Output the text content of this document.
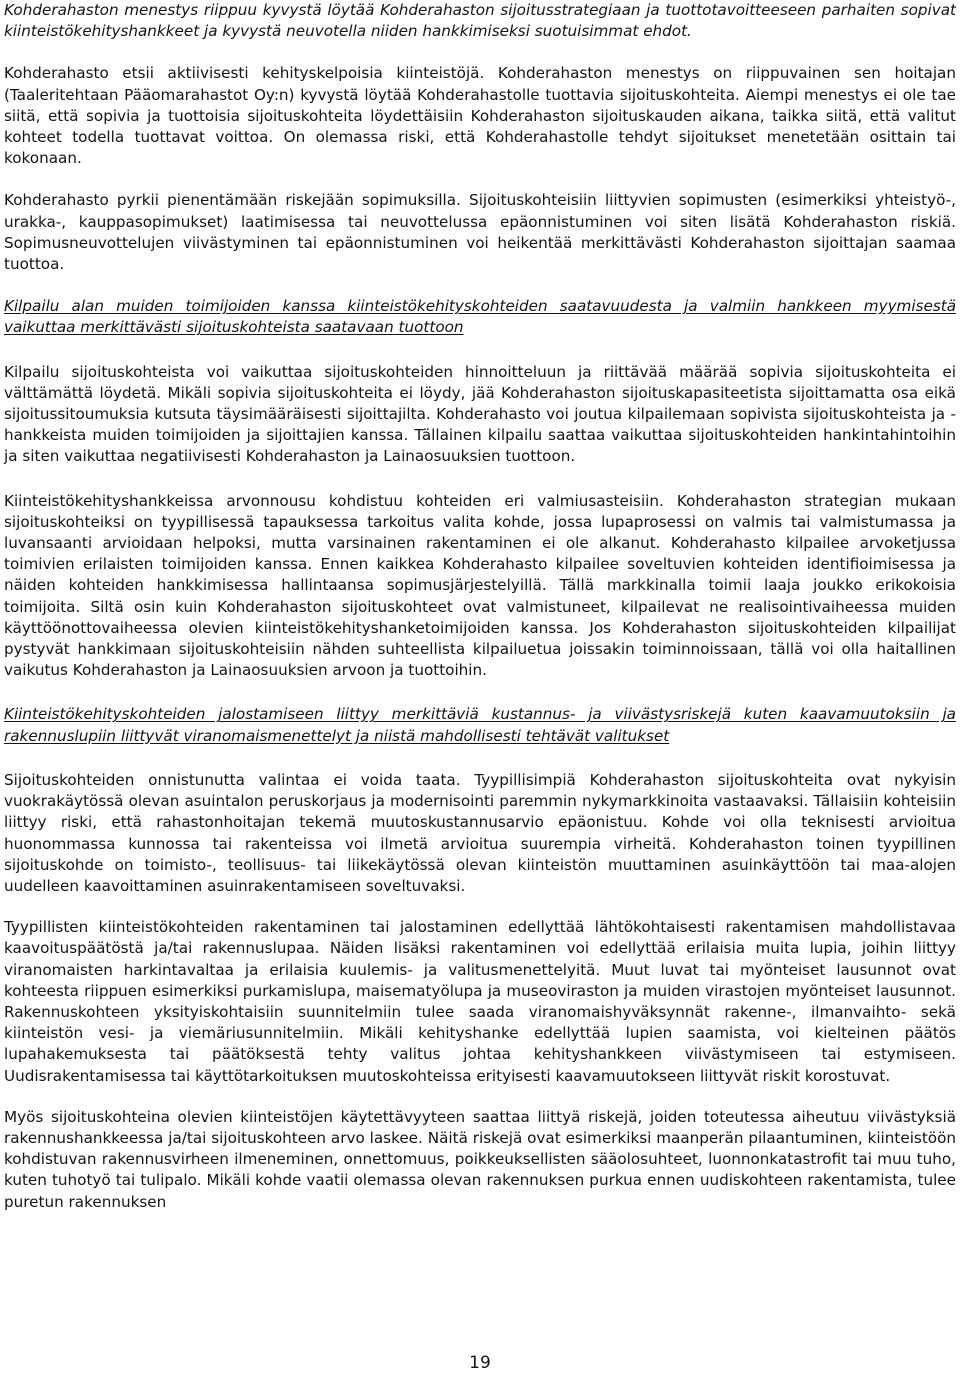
Kohderahaston menestys riippuu kyvystä löytää Kohderahaston sijoitusstrategiaan ja tuottotavoitteeseen parhaiten sopivat kiinteistökehityshankkeet ja kyvystä neuvotella niiden hankkimiseksi suotuisimmat ehdot.

Kohderahasto etsii aktiivisesti kehityskelpoisia kiinteistöjä. Kohderahaston menestys on riippuvainen sen hoitajan (Taaleritehtaan Pääomarahastot Oy:n) kyvystä löytää Kohderahastolle tuottavia sijoituskohteita. Aiempi menestys ei ole tae siitä, että sopivia ja tuottoisia sijoituskohteita löydettäisiin Kohderahaston sijoituskauden aikana, taikka siitä, että valitut kohteet todella tuottavat voittoa. On olemassa riski, että Kohderahastolle tehdyt sijoitukset menetetään osittain tai kokonaan.

Kohderahasto pyrkii pienentämään riskejään sopimuksilla. Sijoituskohteisiin liittyvien sopimusten (esimerkiksi yhteistyö-, urakka-, kauppasopimukset) laatimisessa tai neuvottelussa epäonnistuminen voi siten lisätä Kohderahaston riskiä. Sopimusneuvottelujen viivästyminen tai epäonnistuminen voi heikentää merkittävästi Kohderahaston sijoittajan saamaa tuottoa.

Kilpailu alan muiden toimijoiden kanssa kiinteistökehityskohteiden saatavuudesta ja valmiin hankkeen myymisestä vaikuttaa merkittävästi sijoituskohteista saatavaan tuottoon

Kilpailu sijoituskohteista voi vaikuttaa sijoituskohteiden hinnoitteluun ja riittävää määrää sopivia sijoituskohteita ei välttämättä löydetä. Mikäli sopivia sijoituskohteita ei löydy, jää Kohderahaston sijoituskapasiteetista sijoittamatta osa eikä sijoitussitoumuksia kutsuta täysimääräisesti sijoittajilta. Kohderahasto voi joutua kilpailemaan sopivista sijoituskohteista ja -hankkeista muiden toimijoiden ja sijoittajien kanssa. Tällainen kilpailu saattaa vaikuttaa sijoituskohteiden hankintahintoihin ja siten vaikuttaa negatiivisesti Kohderahaston ja Lainaosuuksien tuottoon.

Kiinteistökehityshankkeissa arvonnousu kohdistuu kohteiden eri valmiusasteisiin. Kohderahaston strategian mukaan sijoituskohteiksi on tyypillisessä tapauksessa tarkoitus valita kohde, jossa lupaprosessi on valmis tai valmistumassa ja luvansaanti arvioidaan helpoksi, mutta varsinainen rakentaminen ei ole alkanut. Kohderahasto kilpailee arvoketjussa toimivien erilaisten toimijoiden kanssa. Ennen kaikkea Kohderahasto kilpailee soveltuvien kohteiden identifioimisessa ja näiden kohteiden hankkimisessa hallintaansa sopimusjärjestelyillä. Tällä markkinalla toimii laaja joukko erikokoisia toimijoita. Siltä osin kuin Kohderahaston sijoituskohteet ovat valmistuneet, kilpailevat ne realisointivaiheessa muiden käyttöönottovaiheessa olevien kiinteistökehityshanketoimijoiden kanssa. Jos Kohderahaston sijoituskohteiden kilpailijat pystyvät hankkimaan sijoituskohteisiin nähden suhteellista kilpailuetua joissakin toiminnoissaan, tällä voi olla haitallinen vaikutus Kohderahaston ja Lainaosuuksien arvoon ja tuottoihin.

Kiinteistökehityskohteiden jalostamiseen liittyy merkittäviä kustannus- ja viivästysriskejä kuten kaavamuutoksiin ja rakennuslupiin liittyvät viranomaismenettelyt ja niistä mahdollisesti tehtävät valitukset

Sijoituskohteiden onnistunutta valintaa ei voida taata. Tyypillisimpiä Kohderahaston sijoituskohteita ovat nykyisin vuokrakäytössä olevan asuintalon peruskorjaus ja modernisointi paremmin nykymarkkinoita vastaavaksi. Tällaisiin kohteisiin liittyy riski, että rahastonhoitajan tekemä muutoskustannusarvio epäonistuu. Kohde voi olla teknisesti arvioitua huonommassa kunnossa tai rakenteissa voi ilmetä arvioitua suurempia virheitä. Kohderahaston toinen tyypillinen sijoituskohde on toimisto-, teollisuus- tai liikekäytössä olevan kiinteistön muuttaminen asuinkäyttöön tai maa-alojen uudelleen kaavoittaminen asuinrakentamiseen soveltuvaksi.

Tyypillisten kiinteistökohteiden rakentaminen tai jalostaminen edellyttää lähtökohtaisesti rakentamisen mahdollistavaa kaavoituspäätöstä ja/tai rakennuslupaa. Näiden lisäksi rakentaminen voi edellyttää erilaisia muita lupia, joihin liittyy viranomaisten harkintavaltaa ja erilaisia kuulemis- ja valitusmenettelyitä. Muut luvat tai myönteiset lausunnot ovat kohteesta riippuen esimerkiksi purkamislupa, maisematyölupa ja museoviraston ja muiden virastojen myönteiset lausunnot. Rakennuskohteen yksityiskohtaisiin suunnitelmiin tulee saada viranomaishyväksynnät rakenne-, ilmanvaihto- sekä kiinteistön vesi- ja viemäriusunnitelmiin. Mikäli kehityshanke edellyttää lupien saamista, voi kielteinen päätös lupahakemuksesta tai päätöksestä tehty valitus johtaa kehityshankkeen viivästymiseen tai estymiseen. Uudisrakentamisessa tai käyttötarkoituksen muutoskohteissa erityisesti kaavamuutokseen liittyvät riskit korostuvat.

Myös sijoituskohteina olevien kiinteistöjen käytettävyyteen saattaa liittyä riskejä, joiden toteutessa aiheutuu viivästyksiä rakennushankkeessa ja/tai sijoituskohteen arvo laskee. Näitä riskejä ovat esimerkiksi maanperän pilaantuminen, kiinteistöön kohdistuvan rakennusvirheen ilmeneminen, onnettomuus, poikkeuksellisten sääolosuhteet, luonnonkatastrofit tai muu tuho, kuten tuhotyö tai tulipalo. Mikäli kohde vaatii olemassa olevan rakennuksen purkua ennen uudiskohteen rakentamista, tulee puretun rakennuksen

19
